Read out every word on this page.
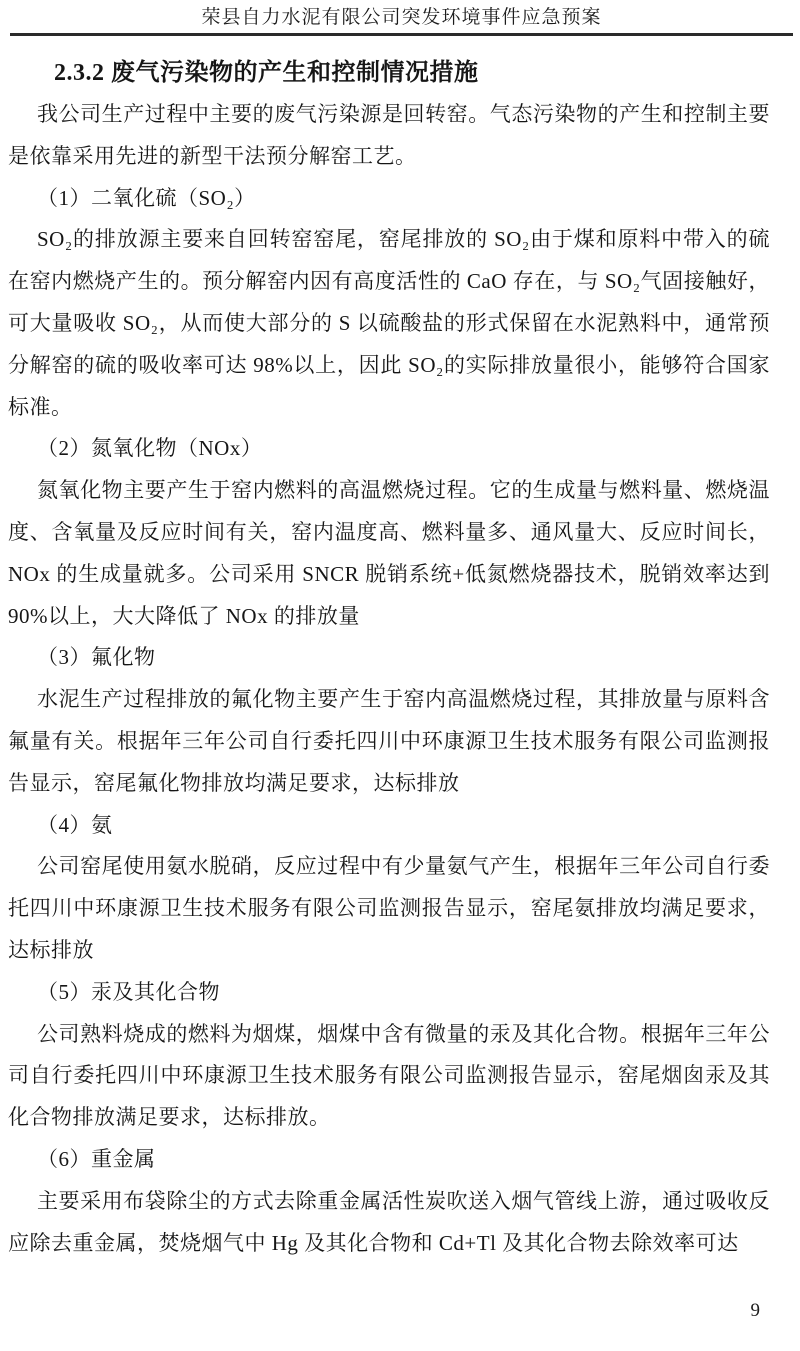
荣县自力水泥有限公司突发环境事件应急预案

2.3.2 废气污染物的产生和控制情况措施

我公司生产过程中主要的废气污染源是回转窑。气态污染物的产生和控制主要是依靠采用先进的新型干法预分解窑工艺。

（1）二氧化硫（SO₂）

SO₂的排放源主要来自回转窑窑尾，窑尾排放的 SO₂由于煤和原料中带入的硫在窑内燃烧产生的。预分解窑内因有高度活性的 CaO 存在，与 SO₂气固接触好，可大量吸收 SO₂，从而使大部分的 S 以硫酸盐的形式保留在水泥熟料中，通常预分解窑的硫的吸收率可达 98%以上，因此 SO₂的实际排放量很小，能够符合国家标准。

（2）氮氧化物（NOx）

氮氧化物主要产生于窑内燃料的高温燃烧过程。它的生成量与燃料量、燃烧温度、含氧量及反应时间有关，窑内温度高、燃料量多、通风量大、反应时间长，NOx 的生成量就多。公司采用 SNCR 脱销系统+低氮燃烧器技术，脱销效率达到 90%以上，大大降低了 NOx 的排放量

（3）氟化物

水泥生产过程排放的氟化物主要产生于窑内高温燃烧过程，其排放量与原料含氟量有关。根据年三年公司自行委托四川中环康源卫生技术服务有限公司监测报告显示，窑尾氟化物排放均满足要求，达标排放

（4）氨

公司窑尾使用氨水脱硝，反应过程中有少量氨气产生，根据年三年公司自行委托四川中环康源卫生技术服务有限公司监测报告显示，窑尾氨排放均满足要求，达标排放

（5）汞及其化合物

公司熟料烧成的燃料为烟煤，烟煤中含有微量的汞及其化合物。根据年三年公司自行委托四川中环康源卫生技术服务有限公司监测报告显示，窑尾烟囱汞及其化合物排放满足要求，达标排放。

（6）重金属

主要采用布袋除尘的方式去除重金属活性炭吹送入烟气管线上游，通过吸收反应除去重金属，焚烧烟气中 Hg 及其化合物和 Cd+Tl 及其化合物去除效率可达

9
